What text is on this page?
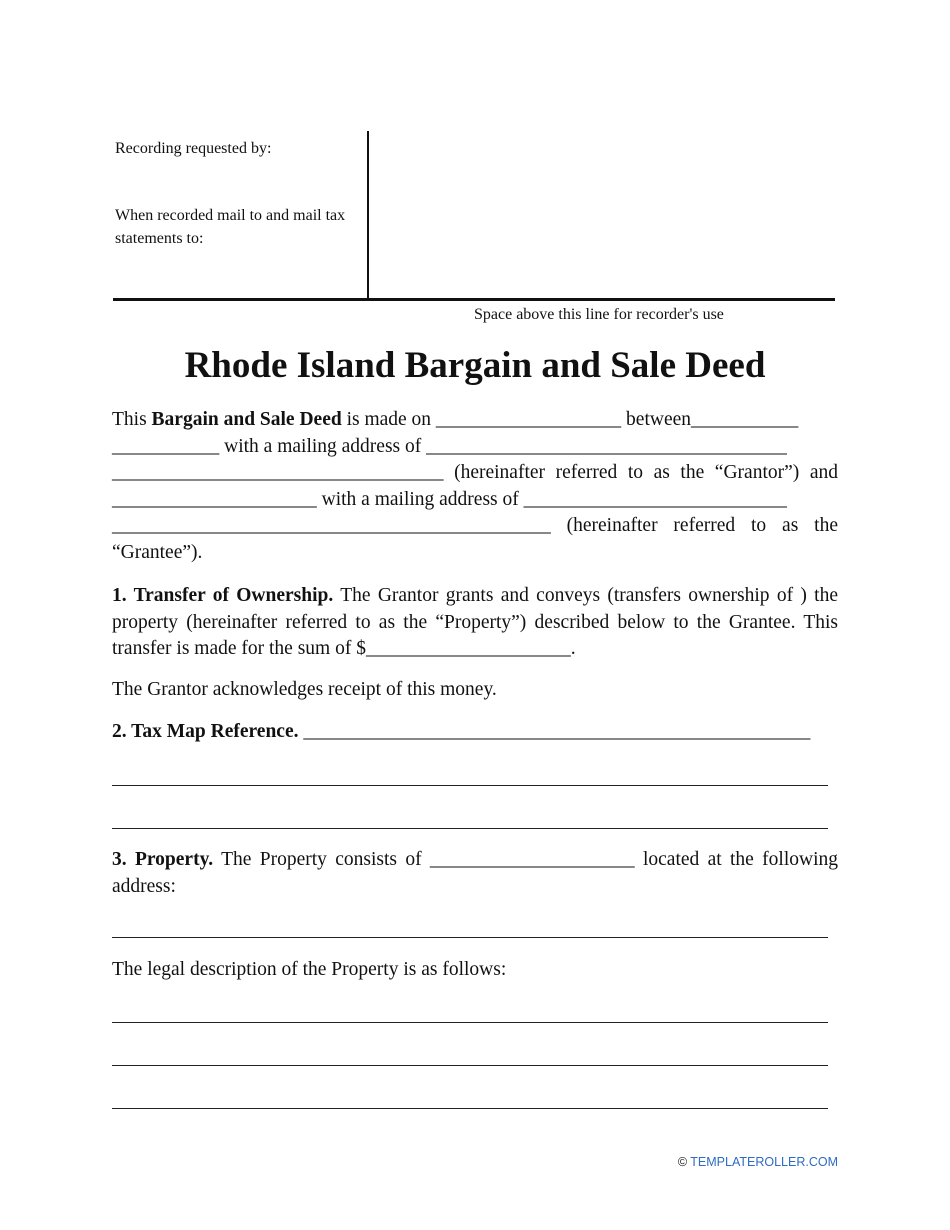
Recording requested by:
When recorded mail to and mail tax statements to:
Space above this line for recorder's use
Rhode Island Bargain and Sale Deed
This Bargain and Sale Deed is made on ___________________ between___________
___________ with a mailing address of _____________________________________
__________________________________ (hereinafter referred to as the “Grantor”) and
_____________________ with a mailing address of ___________________________
_____________________________________________ (hereinafter referred to as the
“Grantee”).
1. Transfer of Ownership. The Grantor grants and conveys (transfers ownership of ) the property (hereinafter referred to as the “Property”) described below to the Grantee. This transfer is made for the sum of $_____________________.
The Grantor acknowledges receipt of this money.
2. Tax Map Reference. ____________________________________________________
3. Property. The Property consists of _____________________ located at the following
address:
The legal description of the Property is as follows:
© TEMPLATEROLLER.COM
